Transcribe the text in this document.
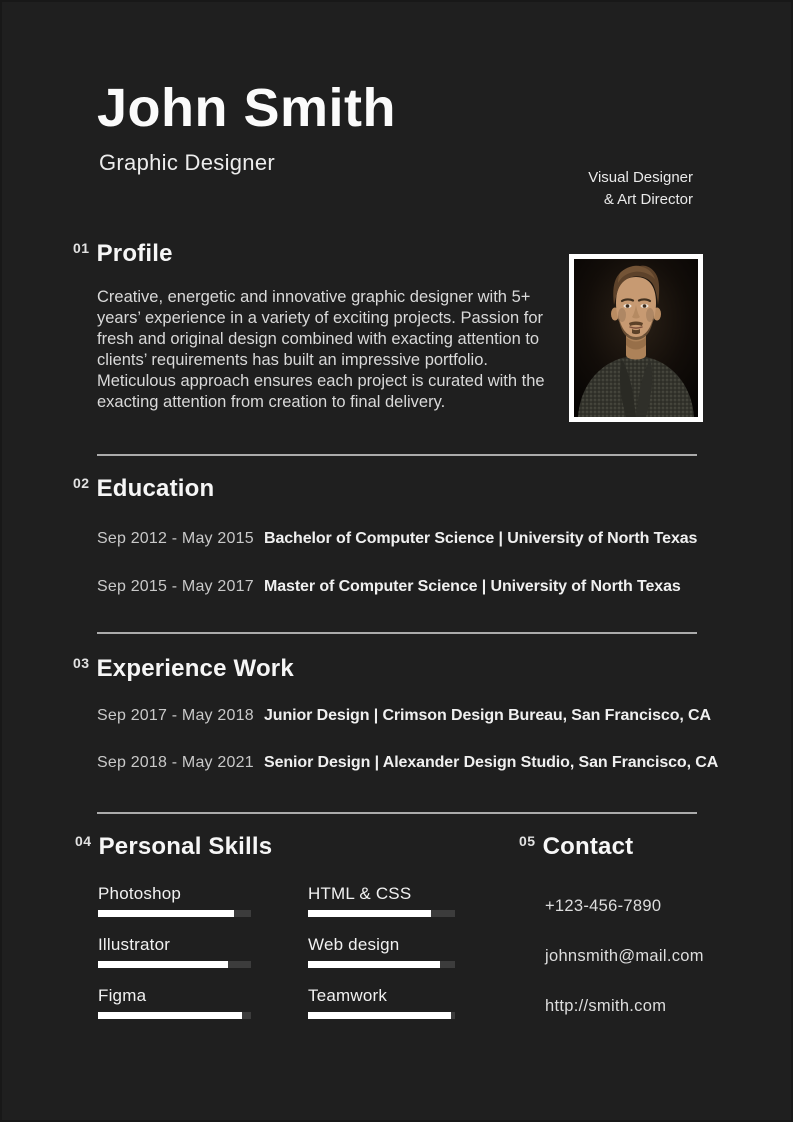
John Smith
Graphic Designer
Visual Designer
& Art Director
$^{01}$ Profile

Creative, energetic and innovative graphic designer with 5+ years’ experience in a variety of exciting projects. Passion for fresh and original design combined with exacting attention to clients’ requirements has built an impressive portfolio. Meticulous approach ensures each project is curated with the exacting attention from creation to final delivery.

$^{02}$ Education
Sep 2012 - May 2015 Bachelor of Computer Science | University of North Texas
Sep 2015 - May 2017 Master of Computer Science | University of North Texas
$^{03}$ Experience Work
Sep 2017 - May 2018 Junior Design | Crimson Design Bureau, San Francisco, CA
Sep 2018 - May 2021 Senior Design | Alexander Design Studio, San Francisco, CA
$^{04}$ Personal Skills
Photoshop
Illustrator
Figma
HTML & CSS
Web design
Teamwork
$^{05}$ Contact
+123-456-7890
johnsmith@mail.com
http://smith.com
